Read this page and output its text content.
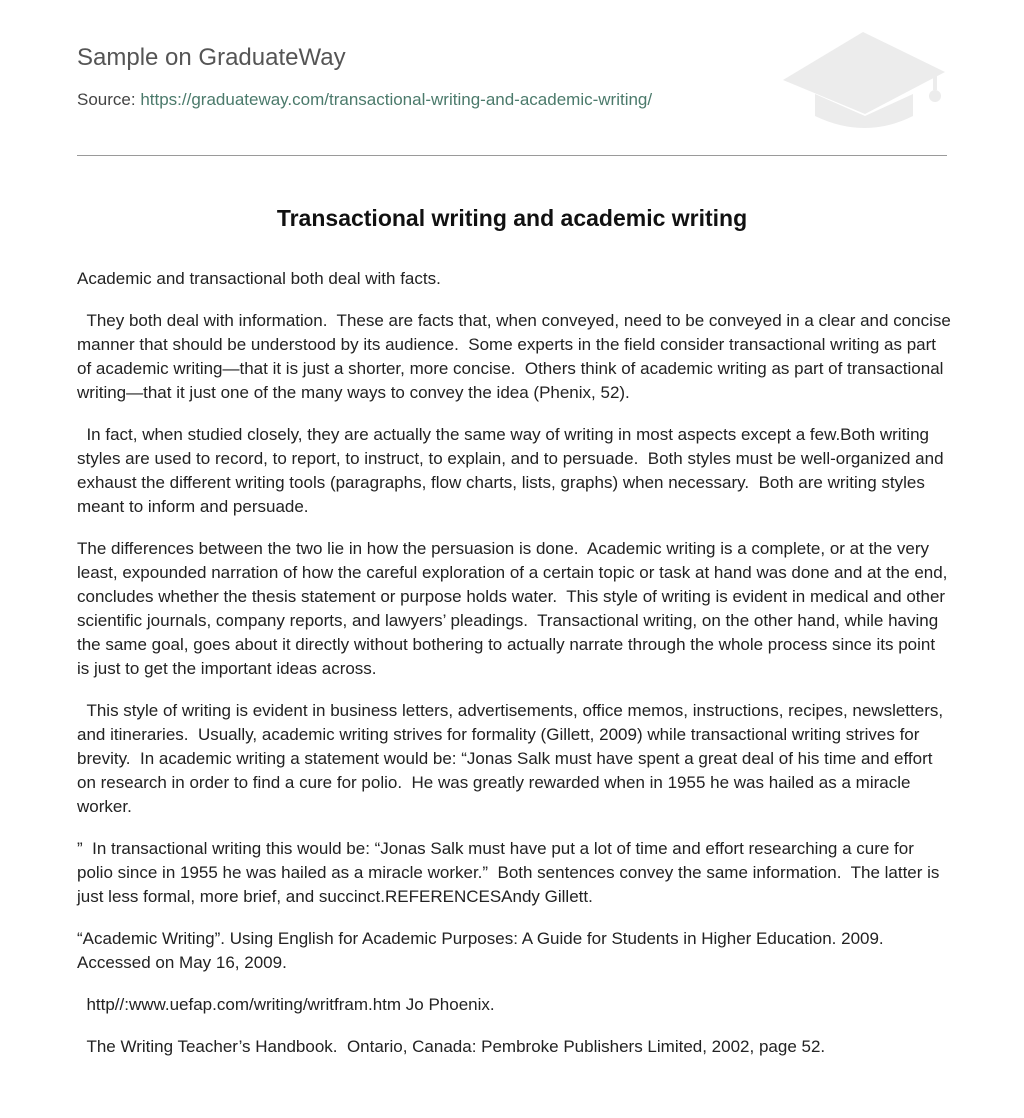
Sample on GraduateWay
Source: https://graduateway.com/transactional-writing-and-academic-writing/
Transactional writing and academic writing

Academic and transactional both deal with facts.

They both deal with information.  These are facts that, when conveyed, need to be conveyed in a clear and concise manner that should be understood by its audience.  Some experts in the field consider transactional writing as part of academic writing—that it is just a shorter, more concise.  Others think of academic writing as part of transactional writing—that it just one of the many ways to convey the idea (Phenix, 52).

In fact, when studied closely, they are actually the same way of writing in most aspects except a few.Both writing styles are used to record, to report, to instruct, to explain, and to persuade.  Both styles must be well-organized and exhaust the different writing tools (paragraphs, flow charts, lists, graphs) when necessary.  Both are writing styles meant to inform and persuade.

The differences between the two lie in how the persuasion is done.  Academic writing is a complete, or at the very least, expounded narration of how the careful exploration of a certain topic or task at hand was done and at the end, concludes whether the thesis statement or purpose holds water.  This style of writing is evident in medical and other scientific journals, company reports, and lawyers’ pleadings.  Transactional writing, on the other hand, while having the same goal, goes about it directly without bothering to actually narrate through the whole process since its point is just to get the important ideas across.

This style of writing is evident in business letters, advertisements, office memos, instructions, recipes, newsletters, and itineraries.  Usually, academic writing strives for formality (Gillett, 2009) while transactional writing strives for brevity.  In academic writing a statement would be: “Jonas Salk must have spent a great deal of his time and effort on research in order to find a cure for polio.  He was greatly rewarded when in 1955 he was hailed as a miracle worker.

”  In transactional writing this would be: “Jonas Salk must have put a lot of time and effort researching a cure for polio since in 1955 he was hailed as a miracle worker.”  Both sentences convey the same information.  The latter is just less formal, more brief, and succinct.REFERENCESAndy Gillett.

“Academic Writing”. Using English for Academic Purposes: A Guide for Students in Higher Education. 2009. Accessed on May 16, 2009.

http//:www.uefap.com/writing/writfram.htm Jo Phoenix.

The Writing Teacher’s Handbook.  Ontario, Canada: Pembroke Publishers Limited, 2002, page 52.
